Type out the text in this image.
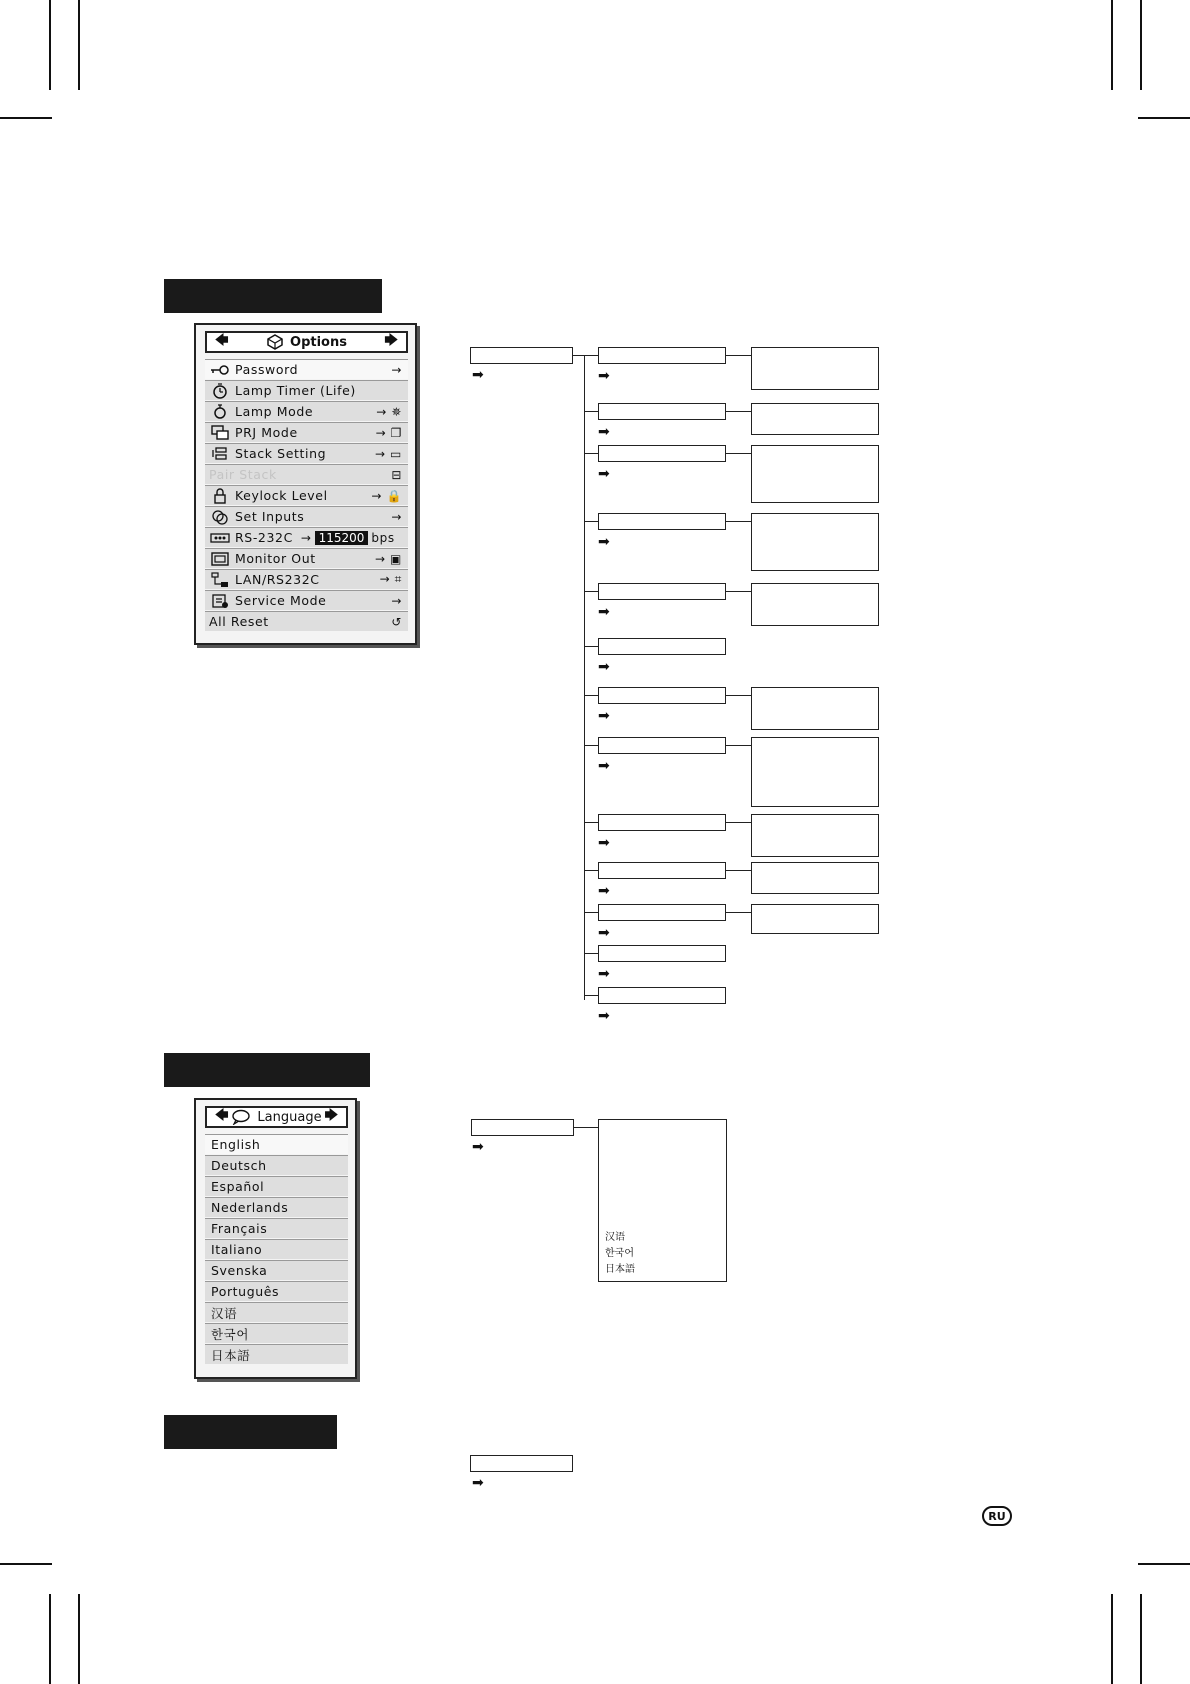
🡄	Options	🡆
Password	→
Lamp Timer (Life)
Lamp Mode	→ ✵
PRJ Mode	→ ❐
Stack Setting	→ ▭
Pair Stack	⊟
Keylock Level	→ 🔒
Set Inputs	→
RS-232C → 115200 bps
Monitor Out	→ ▣
LAN/RS232C	→ ⌗
Service Mode	→
All Reset	↺
➡	➡
➡
➡
➡
➡
➡
➡
➡
➡
➡
➡
➡
➡
🡄 Language 🡆
English
Deutsch
Español
Nederlands
Français
Italiano
Svenska
Português
汉语
한국어
日本語
➡
汉语
한국어
日本語
➡
RU
